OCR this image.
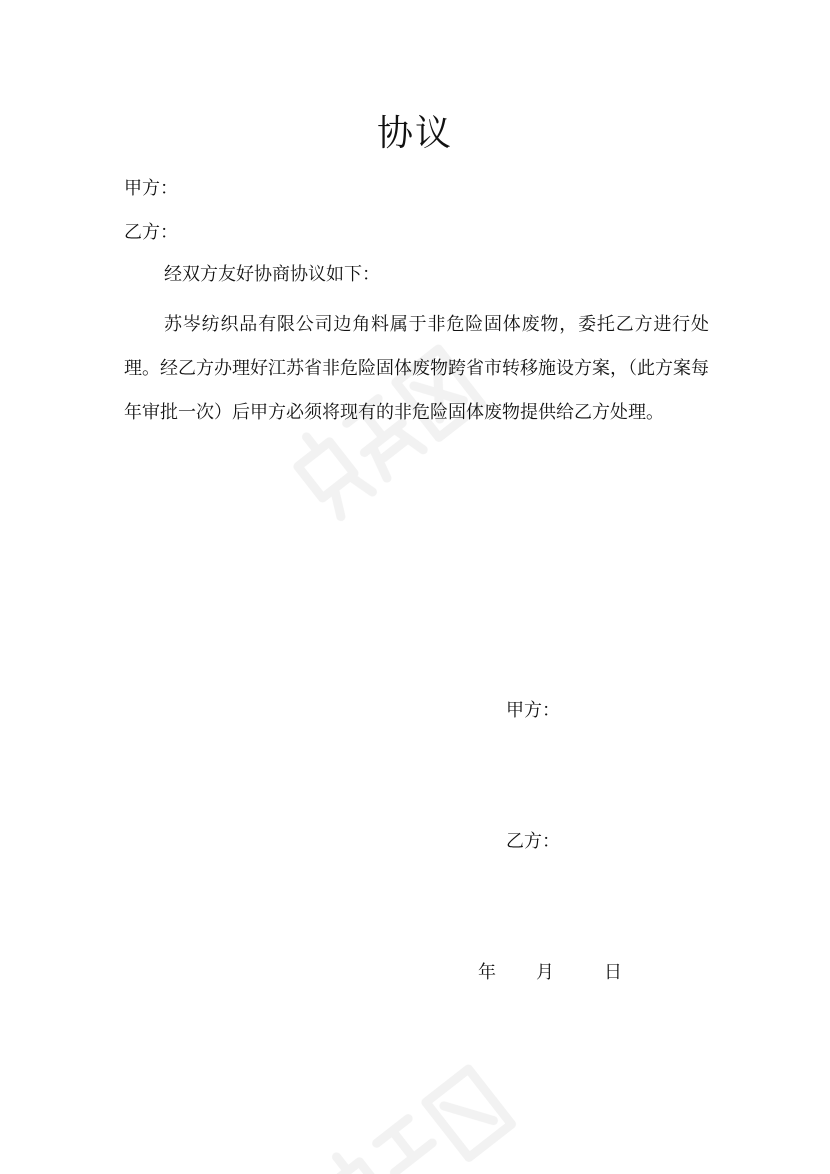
协议
甲方：
乙方：
经双方友好协商协议如下：
苏岑纺织品有限公司边角料属于非危险固体废物，委托乙方进行处理。经乙方办理好江苏省非危险固体废物跨省市转移施设方案，（此方案每年审批一次）后甲方必须将现有的非危险固体废物提供给乙方处理。
甲方：
乙方：
年 月	日
